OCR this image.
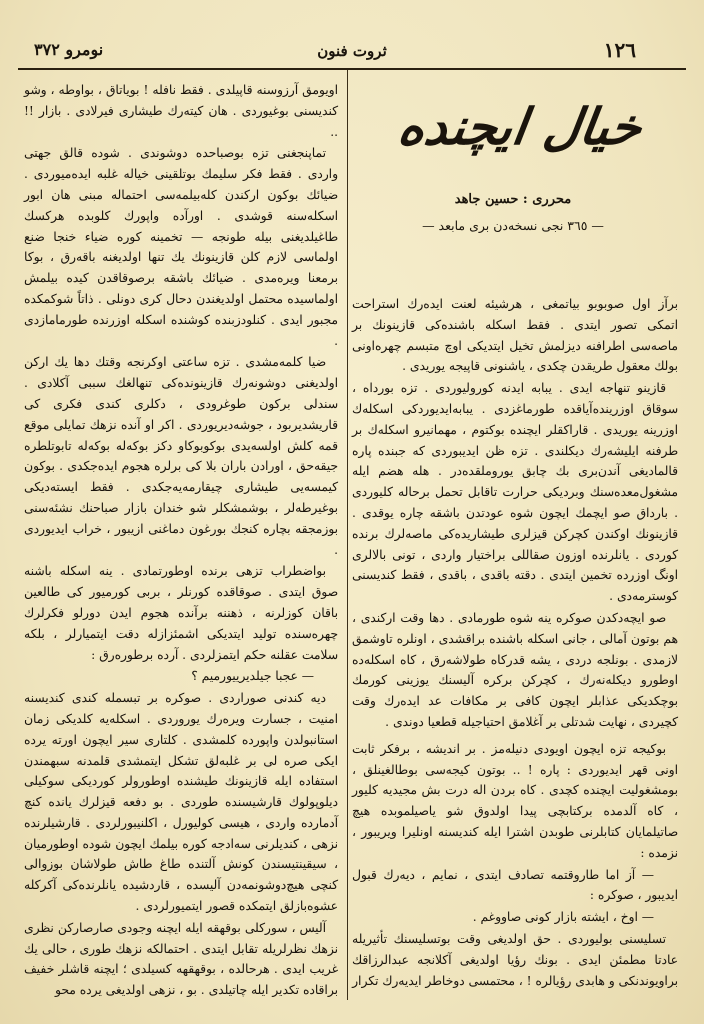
١٢٦
ثروت فنون
نومرو ٣٧٢
خيال ايچنده
محرری : حسین جاهد
— ٣٦٥ نجی نسخه‌دن بری مابعد —

برآز اول صوبوبو بیاتمغی ، هرشیئه لعنت ایده‌رك استراحت اتمکی تصور ایتدی . فقط اسکله باشنده‌کی قازینونك بر ماصه‌سی اطرافنه دیزلمش تخیل ایتدیکی اوچ متبسم چهره‌اونی بولك معقول طریقدن چکدی ، یاشنونی قاپیجه یوریدی .

قازینو تنهاجه ایدی . یبابه ایدنه کورولیوردی . تزه بورداه ، سوقاق اوزرینده‌آیاقده طورماغزدی . یبابه‌ایدیوردکی اسکله‌ك اوزرینه یوریدی . قاراکقلر ایچنده بوکتوم ، مهمانیرو اسکله‌ك بر طرفنه ایلیشه‌رك دیکلندی . تزه ظن ایدیبوردی که جبنده پاره قالمادیغی آندن‌بری بك چابق یوروملقده‌در . هله هضم ایله مشغول‌معده‌سنك وبردیکی حرارت تاقابل تحمل برحاله کلیوردی . بارداق صو ایچمك ایچون شوه عودتدن باشقه چاره یوقدی . قازینونك اوکندن کچرکن قیزلری طیشاریده‌کی ماصه‌لرك برنده کوردی . یانلرنده اوزون صقاللی براختیار واردی ، تونی بالالری اونگ اوزرده تخمین ایتدی . دقته باقدی ، باقدی ، فقط کندیسنی کوسترمه‌دی .

صو ایچه‌دکدن صوکره ینه شوه طورمادی . دها وقت ارکندی ، هم بوتون آمالی ، جانی اسکله باشنده براقشدی ، اونلره تاوشمق لازمدی . بونلجه دردی ، یشه قدرکاه طولاشه‌رق ، کاه اسکله‌ده اوطورو دیکله‌نه‌رك ، کچرکن برکره آلیسنك یوزینی کورمك بوچکدیکی عذابلر ایچون کافی بر مکافات عد ایده‌رك وقت کچیردی ، نهایت شدتلی بر آغلامق احتیاجیله قطعیا دوندی .

بوکیجه تزه ایچون اویودی دنیله‌مز . بر اندیشه ، برفکر ثابت اونی قهر ایدیوردی : پاره ! .. بوتون کیجه‌سی بوطالغینلق ، بومشغولیت ایچنده کچدی . کاه بردن اله درت بش مجیدیه کلیور ، کاه آلدمده برکتابچی پیدا اولدوق شو یاصیلموبده هیچ صاتیلمایان کتابلرنی طوبدن اشترا ایله کندیسنه اونلیرا ویریبور ، نزمده :

— آز اما طاروقتمه تصادف ایتدی ، نمایم ، دیه‌رك قبول ایدیبور ، صوکره :

— اوخ ، ایشته بازار کونی صاووغم .

تسلیسنی بولیوردی . حق اولدیغی وقت بوتسلیسنك تأثیریله عادتا مطمئن ایدی . بونك رؤیا اولدیغی آکلانجه عبدالرزاقك براویوندنکی و هابدی رؤیالره ! ، محتمسی دوخاطر ایدیه‌رك تکرار

اویومق آرزوسنه قاپیلدی . فقط نافله ! بویاتاق ، بواوطه ، وشو کندیسنی بوغیوردی . هان کیته‌رك طیشاری فیرلادی . بازار !! ..

تماپنجغنی تزه بوصباحده دوشوندی . شوده قالق جهتی واردی . فقط فکر سلیمك بوتلقینی خیاله غلبه ایده‌میوردی . ضیائك بوکون ارکندن کله‌بیلمه‌سی احتماله مبنی هان ابور اسکله‌سنه قوشدی . اورآده واپورك کلوبده هرکسك طاغیلدیغنی بیله طونجه — تخمینه کوره ضیاء خنجا ضنع اولماسی لازم کلن قازینونك یك تنها اولدیغنه باقه‌رق ، بوکا برمعنا ویره‌مدی . ضیائك باشقه برصوقاقدن کیده بیلمش اولماسیده محتمل اولدیغندن دحال کری دونلی . ذاتاً شوکمکده مجبور ایدی . کنلودزبنده کوشنده اسکله اوزرنده طورمامازدی .

ضیا کلمه‌مشدی . تزه ساعتی اوکرنجه وقتك دها یك ارکن اولدیغنی دوشونه‌رك قازینونده‌کی تنهالغك سببی آکلادی . سندلی برکون طوغرودی ، دکلری کندی فکری کی قاریشدیربود ، جوشه‌دیریوردی . اکر او آنده نزهك تمایلی موقع قمه کلش اولسه‌یدی بوکوبوکاو دکز بوکه‌له بوکه‌له تابوتلطره جیقه‌حق ، اورادن باران بلا کی برلره هجوم ایده‌جکدی . بوکون کیمسه‌یی طیشاری چیقارمه‌یه‌جکدی . فقط ایسته‌دیکی بوغیرطه‌لر ، بوشمشکلر شو خندان بازار صباحنك نشئه‌سنی بوزمجقه بچاره کنجك بورغون دماغنی ازیبور ، خراب ایدیوردی .

بواضطراب تزهی برنده اوطورتمادی . ینه اسکله باشنه صوق ایتدی . صوقاقده کورنلر ، بربی کورمیور کی طالعین باقان کوزلرنه ، ذهننه برآنده هجوم ایدن دورلو فکرلرك چهره‌سنده تولید ایتدیکی اشمئزازله دقت ایتمیارلر ، بلکه سلامت عقلنه حکم ایتمزلردی . آرده برطوره‌رق :

— عجبا جیلدیرییورمیم ؟

دیه کندنی صوراردی . صوکره بر تبسمله کندی کندیسنه امنیت ، جسارت ویره‌رك یوروردی . اسکله‌یه کلدیکی زمان استانبولدن واپورده کلمشدی . کلتاری سیر ایچون اورته یرده ایکی صره لی بر غلبه‌لق تشکل ایتمشدی قلمدنه سبهمندن استفاده ایله قازینونك طیشنده اوطورولر کوردیکی سوکیلی دیلوپولوك قارشیسنده طوردی . بو دفعه قیزلرك یانده کنچ آدمارده واردی ، هیسی کولیورل ، اکلنیبورلردی . قارشیلرنده نزهی ، کندیلرنی سه‌ادجه کوره بیلمك ایچون شوده اوطورمیان ، سیقینتیسندن کونش آلتنده طاغ طاش طولاشان بوزوالی کنچی هیچ‌دوشونمه‌دن آلیسده ، قاردشیده یانلرنده‌کی آکرکله عشوه‌بازلق ایتمکده قصور ایتمیورلردی .

آلیس ، سورکلی بوقهقه ایله ایچنه وجودی صارصارکن نظری نزهك نظرلریله تقابل ایتدی . احتمالکه نزهك طوری ، حالی یك غریب ایدی . هرحالده ، بوقهقهه کسیلدی ؛ ایچنه قاشلر خفیف براقادە تکدیر ایله چاتیلدی . بو ، نزهی اولدیغی یرده محو
